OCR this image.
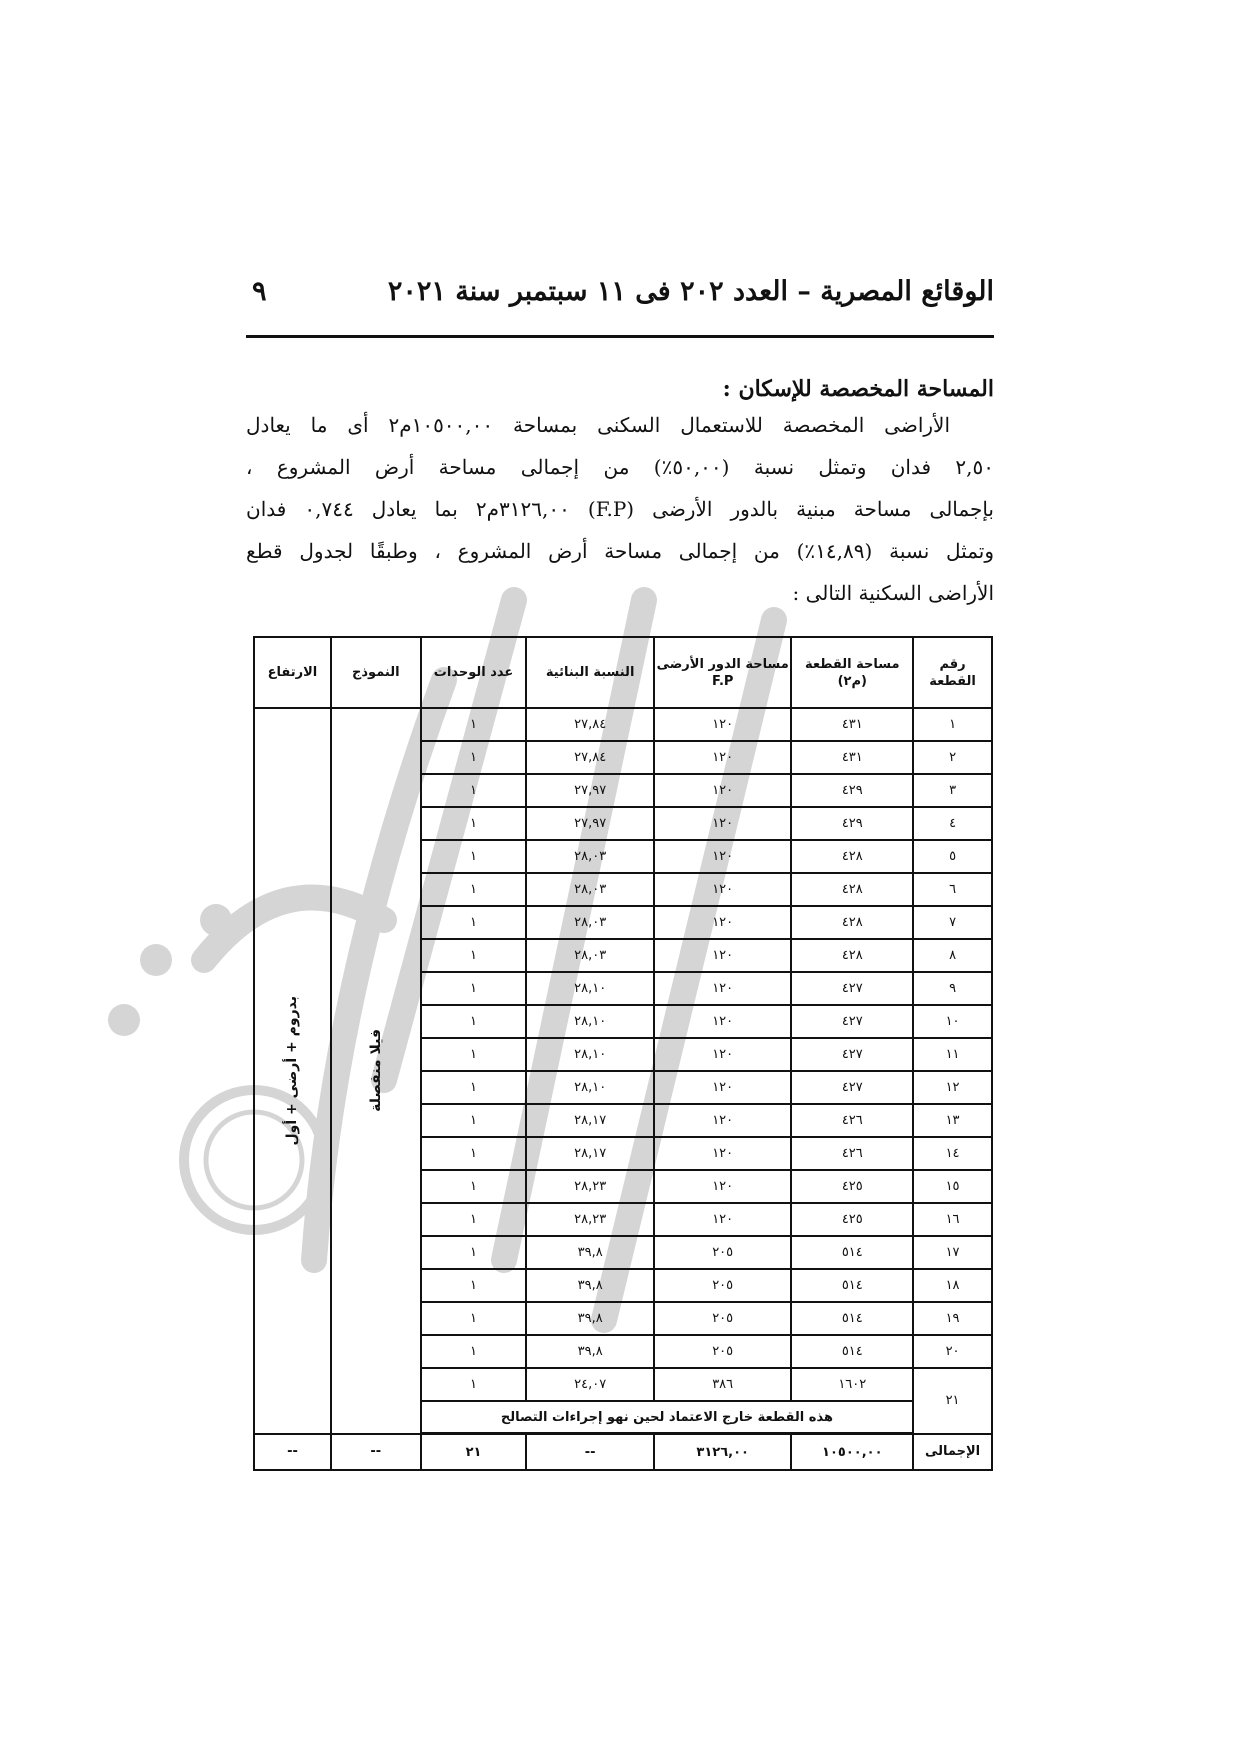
الوقائع المصرية – العدد ٢٠٢ فى ١١ سبتمبر سنة ٢٠٢١
٩
المساحة المخصصة للإسكان :
الأراضى المخصصة للاستعمال السكنى بمساحة ١٠٥٠٠,٠٠م٢ أى ما يعادل
٢,٥٠ فدان وتمثل نسبة (٥٠,٠٠٪) من إجمالى مساحة أرض المشروع ،
بإجمالى مساحة مبنية بالدور الأرضى (F.P) ٣١٢٦,٠٠م٢ بما يعادل ٠,٧٤٤ فدان
وتمثل نسبة (١٤,٨٩٪) من إجمالى مساحة أرض المشروع ، وطبقًا لجدول قطع
الأراضى السكنية التالى :
رقم القطعة	مساحة القطعة (م٢)	مساحة الدور الأرضى F.P	النسبة البنائية	عدد الوحدات	النموذج	الارتفاع
١	٤٣١	١٢٠	٢٧,٨٤	١	فيلا منفصلة	بدروم + أرضى + أول

٢	٤٣١	١٢٠	٢٧,٨٤	١		
٣	٤٢٩	١٢٠	٢٧,٩٧	١		
٤	٤٢٩	١٢٠	٢٧,٩٧	١		
٥	٤٢٨	١٢٠	٢٨,٠٣	١		
٦	٤٢٨	١٢٠	٢٨,٠٣	١		
٧	٤٢٨	١٢٠	٢٨,٠٣	١		
٨	٤٢٨	١٢٠	٢٨,٠٣	١		
٩	٤٢٧	١٢٠	٢٨,١٠	١		
١٠	٤٢٧	١٢٠	٢٨,١٠	١		
١١	٤٢٧	١٢٠	٢٨,١٠	١		
١٢	٤٢٧	١٢٠	٢٨,١٠	١		
١٣	٤٢٦	١٢٠	٢٨,١٧	١		
١٤	٤٢٦	١٢٠	٢٨,١٧	١		
١٥	٤٢٥	١٢٠	٢٨,٢٣	١		
١٦	٤٢٥	١٢٠	٢٨,٢٣	١		
١٧	٥١٤	٢٠٥	٣٩,٨	١		
١٨	٥١٤	٢٠٥	٣٩,٨	١		
١٩	٥١٤	٢٠٥	٣٩,٨	١		
٢٠	٥١٤	٢٠٥	٣٩,٨	١		
٢١	١٦٠٢	٣٨٦	٢٤,٠٧	١		
	هذه القطعة خارج الاعتماد لحين نهو إجراءات التصالح					
الإجمالى	١٠٥٠٠,٠٠	٣١٢٦,٠٠	--	٢١	--	--
